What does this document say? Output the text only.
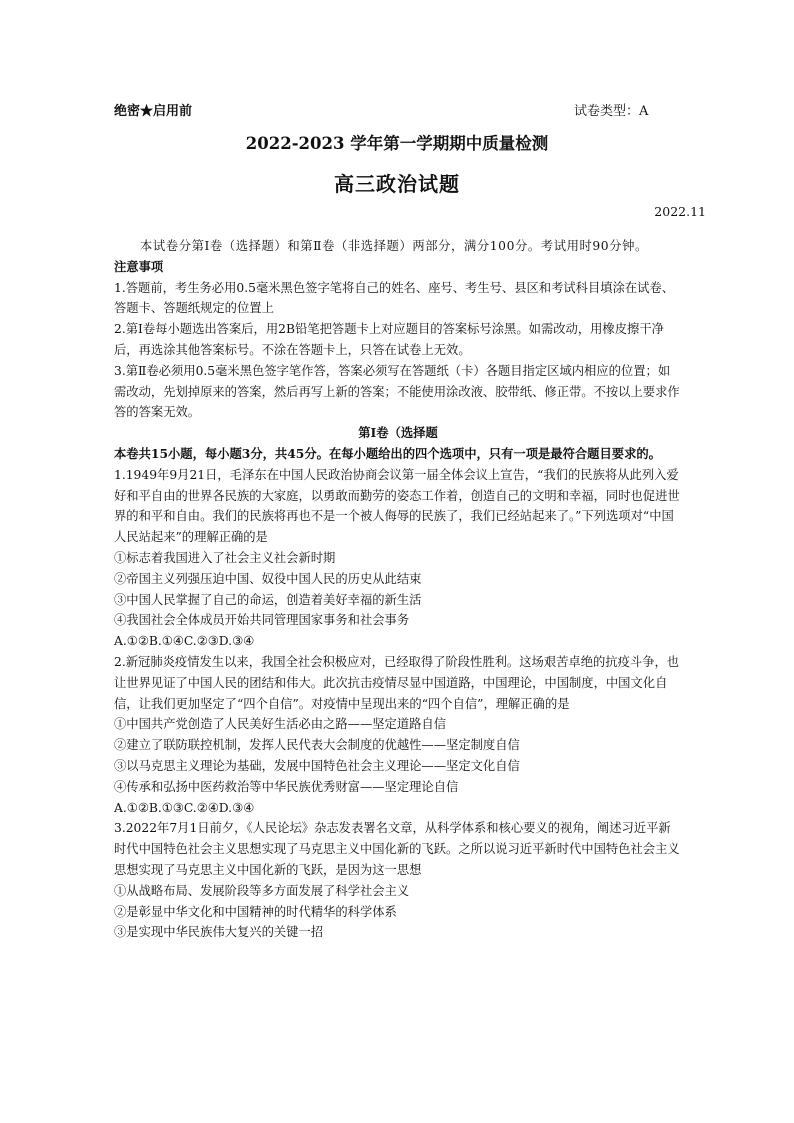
绝密★启用前	试卷类型：A
2022-2023 学年第一学期期中质量检测
高三政治试题
2022.11

本试卷分第Ⅰ卷（选择题）和第Ⅱ卷（非选择题）两部分，满分100分。考试用时90分钟。

注意事项

1.答题前，考生务必用0.5毫米黑色签字笔将自己的姓名、座号、考生号、县区和考试科目填涂在试卷、答题卡、答题纸规定的位置上

2.第Ⅰ卷每小题选出答案后，用2B铅笔把答题卡上对应题目的答案标号涂黑。如需改动，用橡皮擦干净后，再选涂其他答案标号。不涂在答题卡上，只答在试卷上无效。

3.第Ⅱ卷必须用0.5毫米黑色签字笔作答，答案必须写在答题纸（卡）各题目指定区域内相应的位置；如需改动，先划掉原来的答案，然后再写上新的答案；不能使用涂改液、胶带纸、修正带。不按以上要求作答的答案无效。

第Ⅰ卷（选择题

本卷共15小题，每小题3分，共45分。在每小题给出的四个选项中，只有一项是最符合题目要求的。

1.1949年9月21日，毛泽东在中国人民政治协商会议第一届全体会议上宣告，“我们的民族将从此列入爱好和平自由的世界各民族的大家庭，以勇敢而勤劳的姿态工作着，创造自己的文明和幸福，同时也促进世界的和平和自由。我们的民族将再也不是一个被人侮辱的民族了，我们已经站起来了。”下列选项对“中国人民站起来”的理解正确的是

①标志着我国进入了社会主义社会新时期

②帝国主义列强压迫中国、奴役中国人民的历史从此结束

③中国人民掌握了自己的命运，创造着美好幸福的新生活

④我国社会全体成员开始共同管理国家事务和社会事务

A.①②B.①④C.②③D.③④

2.新冠肺炎疫情发生以来，我国全社会积极应对，已经取得了阶段性胜利。这场艰苦卓绝的抗疫斗争，也让世界见证了中国人民的团结和伟大。此次抗击疫情尽显中国道路，中国理论，中国制度，中国文化自信，让我们更加坚定了“四个自信”。对疫情中呈现出来的“四个自信”，理解正确的是

①中国共产党创造了人民美好生活必由之路——坚定道路自信

②建立了联防联控机制，发挥人民代表大会制度的优越性——坚定制度自信

③以马克思主义理论为基础，发展中国特色社会主义理论——坚定文化自信

④传承和弘扬中医药救治等中华民族优秀财富——坚定理论自信

A.①②B.①③C.②④D.③④

3.2022年7月1日前夕，《人民论坛》杂志发表署名文章，从科学体系和核心要义的视角，阐述习近平新时代中国特色社会主义思想实现了马克思主义中国化新的飞跃。之所以说习近平新时代中国特色社会主义思想实现了马克思主义中国化新的飞跃，是因为这一思想

①从战略布局、发展阶段等多方面发展了科学社会主义

②是彰显中华文化和中国精神的时代精华的科学体系

③是实现中华民族伟大复兴的关键一招
